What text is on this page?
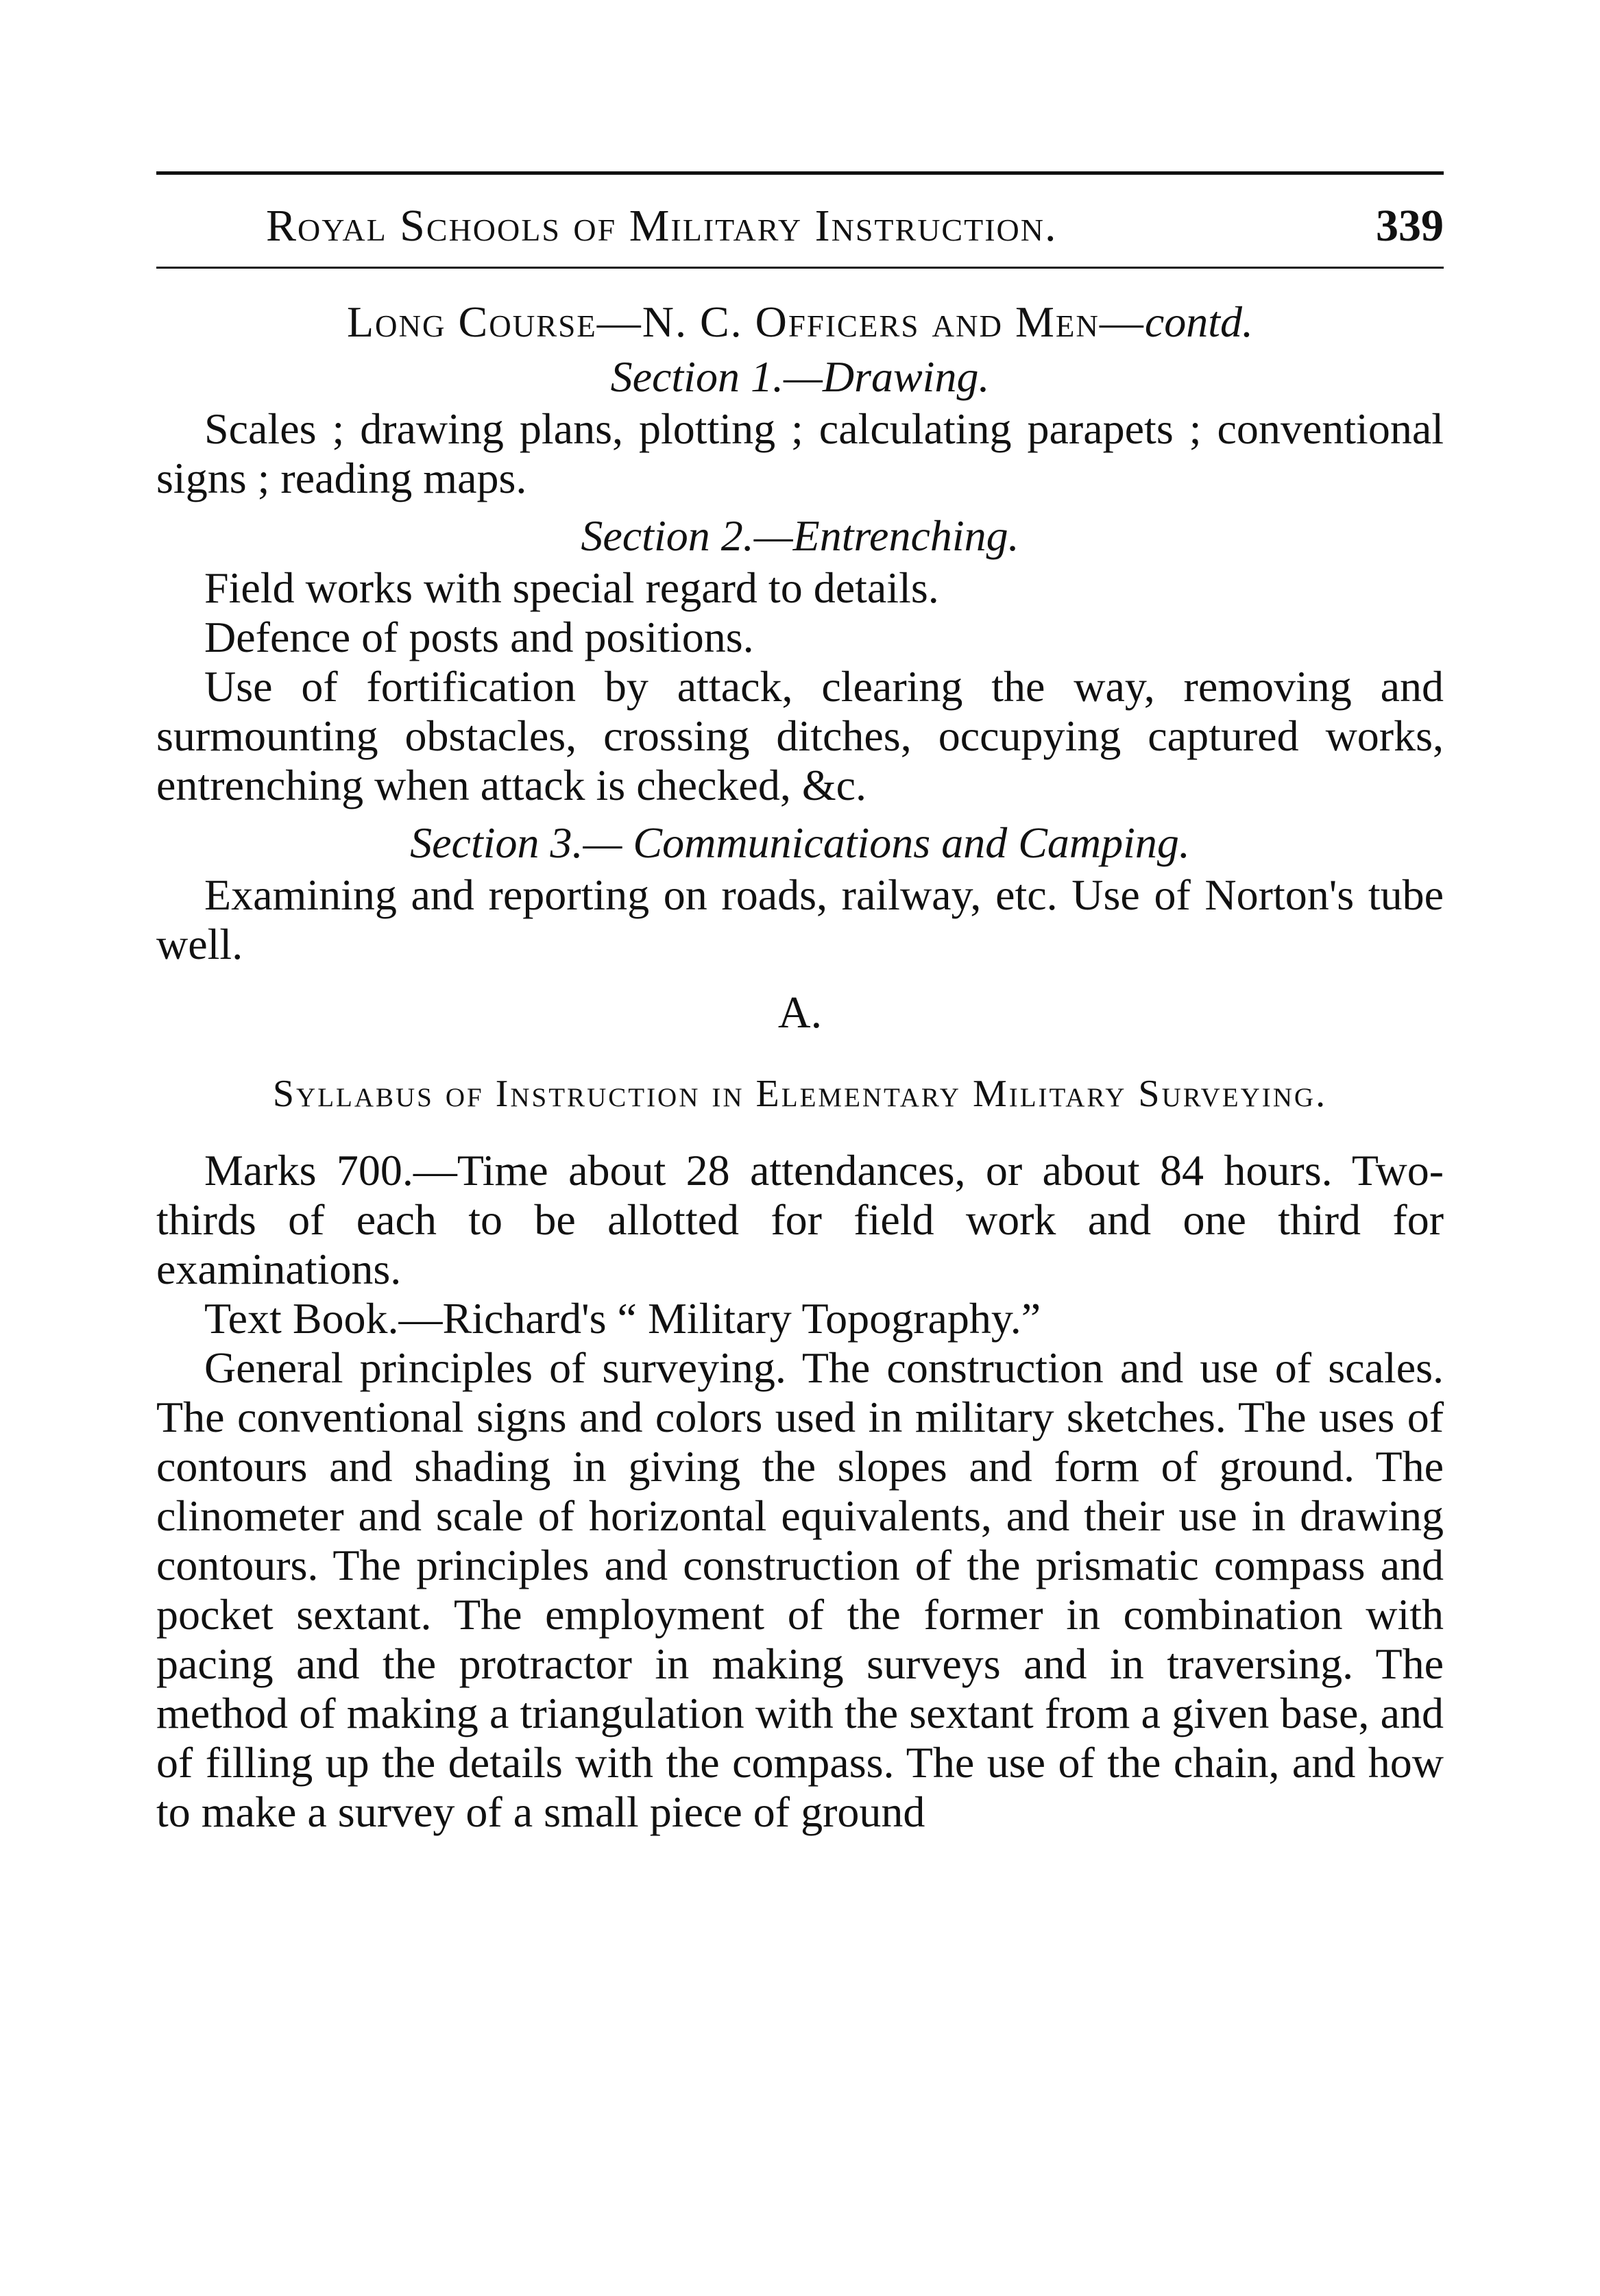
Royal Schools of Military Instruction.	339
Long Course—N. C. Officers and Men—contd.
Section 1.—Drawing.

Scales ; drawing plans, plotting ; calculating parapets ; conventional signs ; reading maps.

Section 2.—Entrenching.

Field works with special regard to details.

Defence of posts and positions.

Use of fortification by attack, clearing the way, removing and surmounting obstacles, crossing ditches, occupying captured works, entrenching when attack is checked, &c.

Section 3.— Communications and Camping.

Examining and reporting on roads, railway, etc. Use of Norton's tube well.

A.
Syllabus of Instruction in Elementary Military Surveying.

Marks 700.—Time about 28 attendances, or about 84 hours. Two-thirds of each to be allotted for field work and one third for examinations.

Text Book.—Richard's “ Military Topography.”

General principles of surveying. The construction and use of scales. The conventional signs and colors used in military sketches. The uses of contours and shading in giving the slopes and form of ground. The clinometer and scale of horizontal equivalents, and their use in drawing contours. The principles and construction of the prismatic compass and pocket sextant. The employment of the former in combination with pacing and the protractor in making surveys and in traversing. The method of making a triangulation with the sextant from a given base, and of filling up the details with the compass. The use of the chain, and how to make a survey of a small piece of ground
